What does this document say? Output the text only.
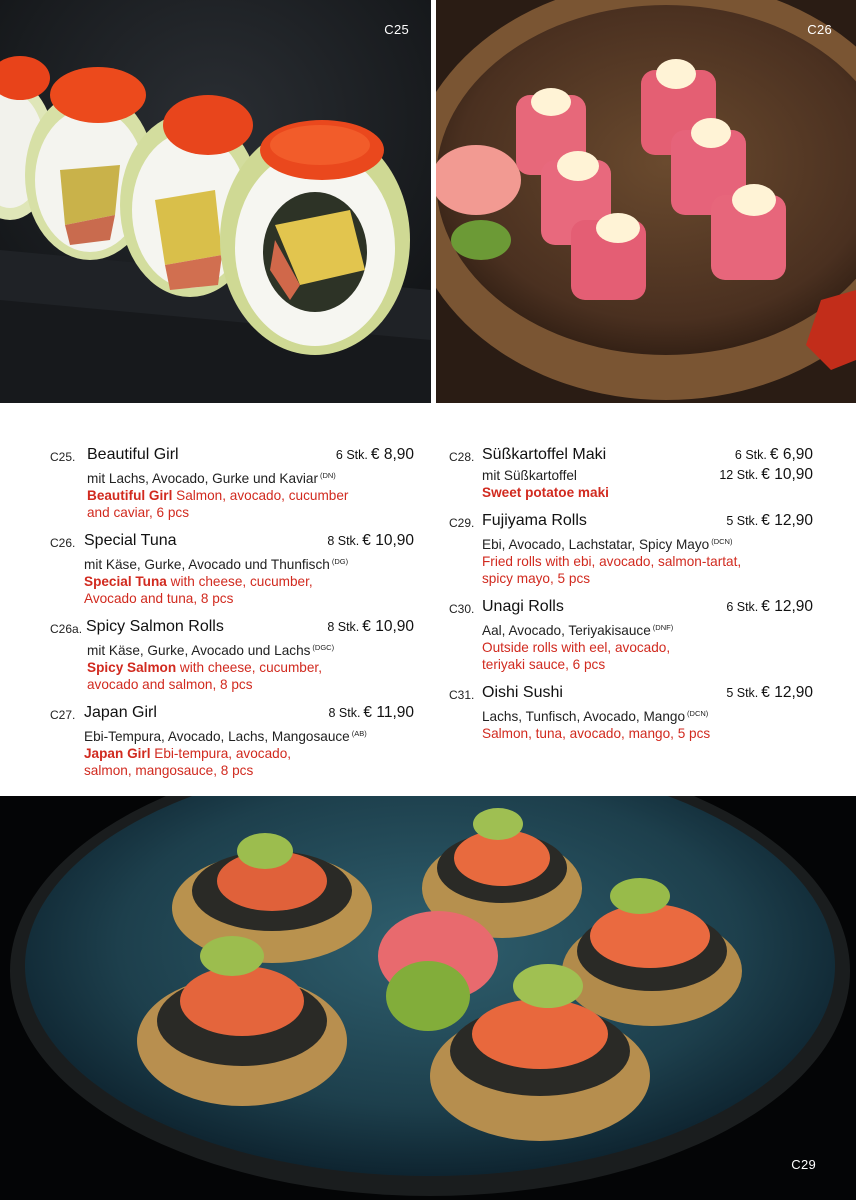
C25	C26
C25. Beautiful Girl	6 Stk. € 8,90
mit Lachs, Avocado, Gurke und Kaviar $^{(DN)}$
Beautiful Girl Salmon, avocado, cucumber
and caviar, 6 pcs
C26. Special Tuna	8 Stk. € 10,90
mit Käse, Gurke, Avocado und Thunfisch $^{(DG)}$
Special Tuna with cheese, cucumber,
Avocado and tuna, 8 pcs
C26a. Spicy Salmon Rolls	8 Stk. € 10,90
mit Käse, Gurke, Avocado und Lachs $^{(DGC)}$
Spicy Salmon with cheese, cucumber,
avocado and salmon, 8 pcs
C27. Japan Girl	8 Stk. € 11,90
Ebi-Tempura, Avocado, Lachs, Mangosauce $^{(AB)}$
Japan Girl Ebi-tempura, avocado,
salmon, mangosauce, 8 pcs
C28. Süßkartoffel Maki	6 Stk. € 6,90
mit Süßkartoffel	12 Stk. € 10,90
Sweet potatoe maki
C29. Fujiyama Rolls	5 Stk. € 12,90
Ebi, Avocado, Lachstatar, Spicy Mayo $^{(DCN)}$
Fried rolls with ebi, avocado, salmon-tartat,
spicy mayo, 5 pcs
C30. Unagi Rolls	6 Stk. € 12,90
Aal, Avocado, Teriyakisauce $^{(DNF)}$
Outside rolls with eel, avocado,
teriyaki sauce, 6 pcs
C31. Oishi Sushi	5 Stk. € 12,90
Lachs, Tunfisch, Avocado, Mango $^{(DCN)}$
Salmon, tuna, avocado, mango, 5 pcs
C29
